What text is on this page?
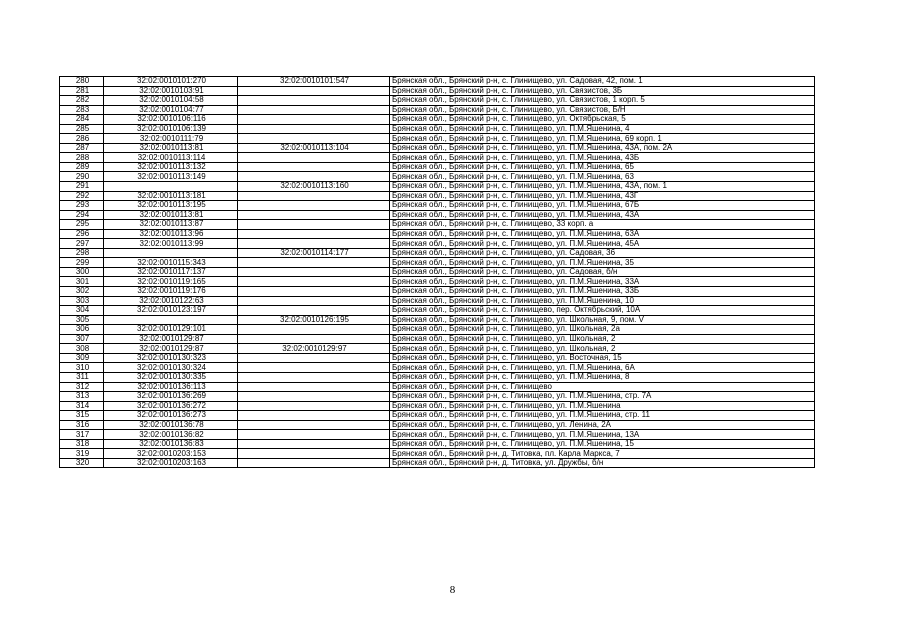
280	32:02:0010101:270	32:02:0010101:547	Брянская обл., Брянский р-н, с. Глинищево, ул. Садовая, 42, пом. 1
281	32:02:0010103:91		Брянская обл., Брянский р-н, с. Глинищево, ул. Связистов, 3Б
282	32:02:0010104:58		Брянская обл., Брянский р-н, с. Глинищево, ул. Связистов, 1 корп. 5
283	32:02:0010104:77		Брянская обл., Брянский р-н, с. Глинищево, ул. Связистов, Б/Н
284	32:02:0010106:116		Брянская обл., Брянский р-н, с. Глинищево, ул. Октябрьская, 5
285	32:02:0010106:139		Брянская обл., Брянский р-н, с. Глинищево, ул. П.М.Яшенина, 4
286	32:02:0010111:79		Брянская обл., Брянский р-н, с. Глинищево, ул. П.М.Яшенина, 69 корп. 1
287	32:02:0010113:81	32:02:0010113:104	Брянская обл., Брянский р-н, с. Глинищево, ул. П.М.Яшенина, 43А, пом. 2А
288	32:02:0010113:114		Брянская обл., Брянский р-н, с. Глинищево, ул. П.М.Яшенина, 43Б
289	32:02:0010113:132		Брянская обл., Брянский р-н, с. Глинищево, ул. П.М.Яшенина, 65
290	32:02:0010113:149		Брянская обл., Брянский р-н, с. Глинищево, ул. П.М.Яшенина, 63
291		32:02:0010113:160	Брянская обл., Брянский р-н, с. Глинищево, ул. П.М.Яшенина, 43А, пом. 1
292	32:02:0010113:181		Брянская обл., Брянский р-н, с. Глинищево, ул. П.М.Яшенина, 43Г
293	32:02:0010113:195		Брянская обл., Брянский р-н, с. Глинищево, ул. П.М.Яшенина, 67Б
294	32:02:0010113:81		Брянская обл., Брянский р-н, с. Глинищево, ул. П.М.Яшенина, 43А
295	32:02:0010113:87		Брянская обл., Брянский р-н, с. Глинищево, 33 корп. а
296	32:02:0010113:96		Брянская обл., Брянский р-н, с. Глинищево, ул. П.М.Яшенина, 63А
297	32:02:0010113:99		Брянская обл., Брянский р-н, с. Глинищево, ул. П.М.Яшенина, 45А
298		32:02:0010114:177	Брянская обл., Брянский р-н, с. Глинищево, ул. Садовая, 36
299	32:02:0010115:343		Брянская обл., Брянский р-н, с. Глинищево, ул. П.М.Яшенина, 35
300	32:02:0010117:137		Брянская обл., Брянский р-н, с. Глинищево, ул. Садовая, б/н
301	32:02:0010119:165		Брянская обл., Брянский р-н, с. Глинищево, ул. П.М.Яшенина, 33А
302	32:02:0010119:176		Брянская обл., Брянский р-н, с. Глинищево, ул. П.М.Яшенина, 33Б
303	32:02:0010122:63		Брянская обл., Брянский р-н, с. Глинищево, ул. П.М.Яшенина, 10
304	32:02:0010123:197		Брянская обл., Брянский р-н, с. Глинищево, пер. Октябрьский, 10А
305		32:02:0010126:195	Брянская обл., Брянский р-н, с. Глинищево, ул. Школьная, 9, пом. V
306	32:02:0010129:101		Брянская обл., Брянский р-н, с. Глинищево, ул. Школьная, 2а
307	32:02:0010129:87		Брянская обл., Брянский р-н, с. Глинищево, ул. Школьная, 2
308	32:02:0010129:87	32:02:0010129:97	Брянская обл., Брянский р-н, с. Глинищево, ул. Школьная, 2
309	32:02:0010130:323		Брянская обл., Брянский р-н, с. Глинищево, ул. Восточная, 15
310	32:02:0010130:324		Брянская обл., Брянский р-н, с. Глинищево, ул. П.М.Яшенина, 6А
311	32:02:0010130:335		Брянская обл., Брянский р-н, с. Глинищево, ул. П.М.Яшенина, 8
312	32:02:0010136:113		Брянская обл., Брянский р-н, с. Глинищево
313	32:02:0010136:269		Брянская обл., Брянский р-н, с. Глинищево, ул. П.М.Яшенина, стр. 7А
314	32:02:0010136:272		Брянская обл., Брянский р-н, с. Глинищево, ул. П.М.Яшенина
315	32:02:0010136:273		Брянская обл., Брянский р-н, с. Глинищево, ул. П.М.Яшенина, стр. 11
316	32:02:0010136:78		Брянская обл., Брянский р-н, с. Глинищево, ул. Ленина, 2А
317	32:02:0010136:82		Брянская обл., Брянский р-н, с. Глинищево, ул. П.М.Яшенина, 13А
318	32:02:0010136:83		Брянская обл., Брянский р-н, с. Глинищево, ул. П.М.Яшенина, 15
319	32:02:0010203:153		Брянская обл., Брянский р-н, д. Титовка, пл. Карла Маркса, 7
320	32:02:0010203:163		Брянская обл., Брянский р-н, д. Титовка, ул. Дружбы, б/н
8
